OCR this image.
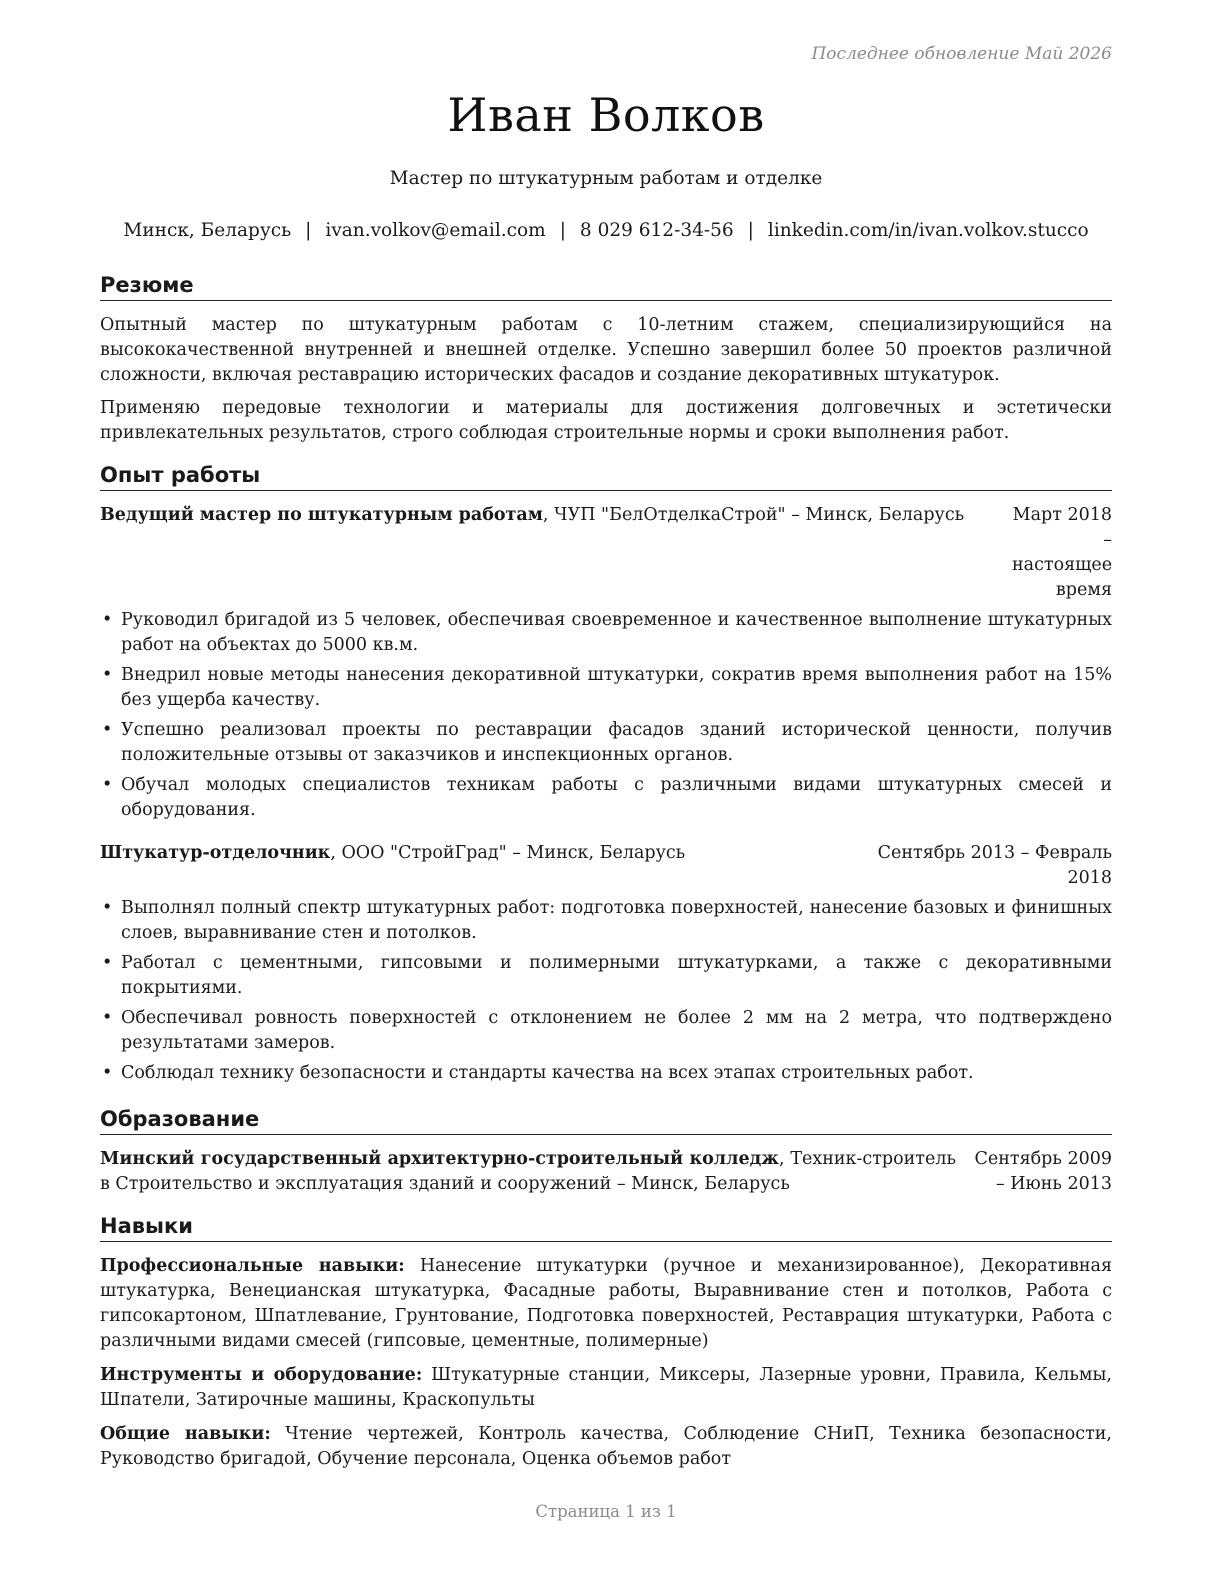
Последнее обновление Май 2026
Иван Волков
Мастер по штукатурным работам и отделке
Минск, Беларусь | ivan.volkov@email.com | 8 029 612-34-56 | linkedin.com/in/ivan.volkov.stucco
Резюме

Опытный мастер по штукатурным работам с 10-летним стажем, специализирующийся на высококачественной внутренней и внешней отделке. Успешно завершил более 50 проектов различной сложности, включая реставрацию исторических фасадов и создание декоративных штукатурок.

Применяю передовые технологии и материалы для достижения долговечных и эстетически привлекательных результатов, строго соблюдая строительные нормы и сроки выполнения работ.

Опыт работы
Ведущий мастер по штукатурным работам, ЧУП "БелОтделкаСтрой" – Минск, Беларусь	Март 2018 – настоящее время
• Руководил бригадой из 5 человек, обеспечивая своевременное и качественное выполнение штукатурных работ на объектах до 5000 кв.м.
• Внедрил новые методы нанесения декоративной штукатурки, сократив время выполнения работ на 15% без ущерба качеству.
• Успешно реализовал проекты по реставрации фасадов зданий исторической ценности, получив положительные отзывы от заказчиков и инспекционных органов.
• Обучал молодых специалистов техникам работы с различными видами штукатурных смесей и оборудования.
Штукатур-отделочник, ООО "СтройГрад" – Минск, Беларусь	Сентябрь 2013 – Февраль 2018
• Выполнял полный спектр штукатурных работ: подготовка поверхностей, нанесение базовых и финишных слоев, выравнивание стен и потолков.
• Работал с цементными, гипсовыми и полимерными штукатурками, а также с декоративными покрытиями.
• Обеспечивал ровность поверхностей с отклонением не более 2 мм на 2 метра, что подтверждено результатами замеров.
• Соблюдал технику безопасности и стандарты качества на всех этапах строительных работ.
Образование
Минский государственный архитектурно-строительный колледж, Техник-строитель в Строительство и эксплуатация зданий и сооружений – Минск, Беларусь
Сентябрь 2009 – Июнь 2013
Навыки

Профессиональные навыки: Нанесение штукатурки (ручное и механизированное), Декоративная штукатурка, Венецианская штукатурка, Фасадные работы, Выравнивание стен и потолков, Работа с гипсокартоном, Шпатлевание, Грунтование, Подготовка поверхностей, Реставрация штукатурки, Работа с различными видами смесей (гипсовые, цементные, полимерные)

Инструменты и оборудование: Штукатурные станции, Миксеры, Лазерные уровни, Правила, Кельмы, Шпатели, Затирочные машины, Краскопульты

Общие навыки: Чтение чертежей, Контроль качества, Соблюдение СНиП, Техника безопасности, Руководство бригадой, Обучение персонала, Оценка объемов работ

Страница 1 из 1
